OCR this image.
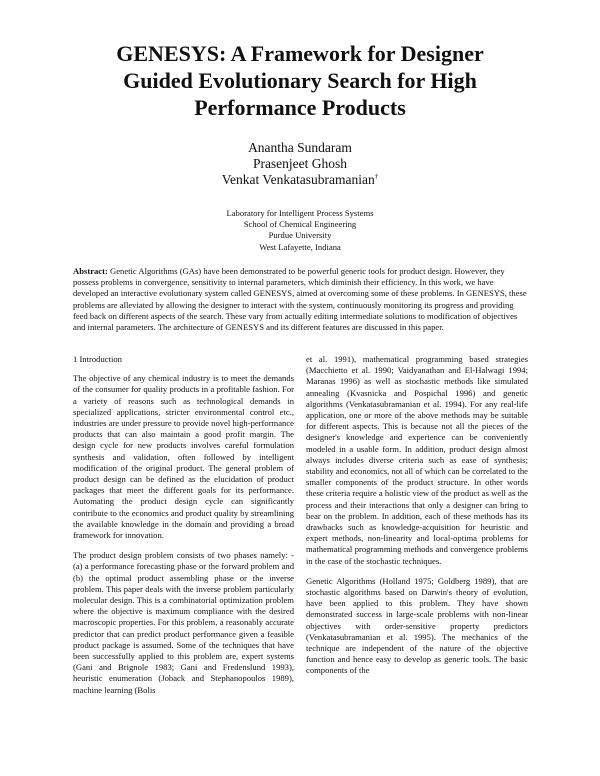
GENESYS: A Framework for Designer
Guided Evolutionary Search for High
Performance Products
Anantha Sundaram
Prasenjeet Ghosh
Venkat Venkatasubramanian†
Laboratory for Intelligent Process Systems
School of Chemical Engineering
Purdue University
West Lafayette, Indiana

Abstract: Genetic Algorithms (GAs) have been demonstrated to be powerful generic tools for product design. However, they possess problems in convergence, sensitivity to internal parameters, which diminish their efficiency. In this work, we have developed an interactive evolutionary system called GENESYS, aimed at overcoming some of these problems. In GENESYS, these problems are alleviated by allowing the designer to interact with the system, continuously monitoring its progress and providing feed back on different aspects of the search. These vary from actually editing intermediate solutions to modification of objectives and internal parameters. The architecture of GENESYS and its different features are discussed in this paper.

1 Introduction

The objective of any chemical industry is to meet the demands of the consumer for quality products in a profitable fashion. For a variety of reasons such as technological demands in specialized applications, stricter environmental control etc., industries are under pressure to provide novel high-performance products that can also maintain a good profit margin. The design cycle for new products involves careful formulation synthesis and validation, often followed by intelligent modification of the original product. The general problem of product design can be defined as the elucidation of product packages that meet the different goals for its performance. Automating the product design cycle can significantly contribute to the economics and product quality by streamlining the available knowledge in the domain and providing a broad framework for innovation.

The product design problem consists of two phases namely: - (a) a performance forecasting phase or the forward problem and (b) the optimal product assembling phase or the inverse problem. This paper deals with the inverse problem particularly molecular design. This is a combinatorial optimization problem where the objective is maximum compliance with the desired macroscopic properties. For this problem, a reasonably accurate predictor that can predict product performance given a feasible product package is assumed. Some of the techniques that have been successfully applied to this problem are, expert systems (Gani and Brignole 1983; Gani and Fredenslund 1993), heuristic enumeration (Joback and Stephanopoulos 1989), machine learning (Bolis

et al. 1991), mathematical programming based strategies (Macchietto et al. 1990; Vaidyanathan and El-Halwagi 1994; Maranas 1996) as well as stochastic methods like simulated annealing (Kvasnicka and Pospichal 1996) and genetic algorithms (Venkatasubramanian et al. 1994). For any real-life application, one or more of the above methods may be suitable for different aspects. This is because not all the pieces of the designer's knowledge and experience can be conveniently modeled in a usable form. In addition, product design almost always includes diverse criteria such as ease of synthesis; stability and economics, not all of which can be correlated to the smaller components of the product structure. In other words these criteria require a holistic view of the product as well as the process and their interactions that only a designer can bring to bear on the problem. In addition, each of these methods has its drawbacks such as knowledge-acquisition for heuristic and expert methods, non-linearity and local-optima problems for mathematical programming methods and convergence problems in the case of the stochastic techniques.

Genetic Algorithms (Holland 1975; Goldberg 1989), that are stochastic algorithms based on Darwin's theory of evolution, have been applied to this problem. They have shown demonstrated success in large-scale problems with non-linear objectives with order-sensitive property predictors (Venkatasubramanian et al. 1995). The mechanics of the technique are independent of the nature of the objective function and hence easy to develop as generic tools. The basic components of the
